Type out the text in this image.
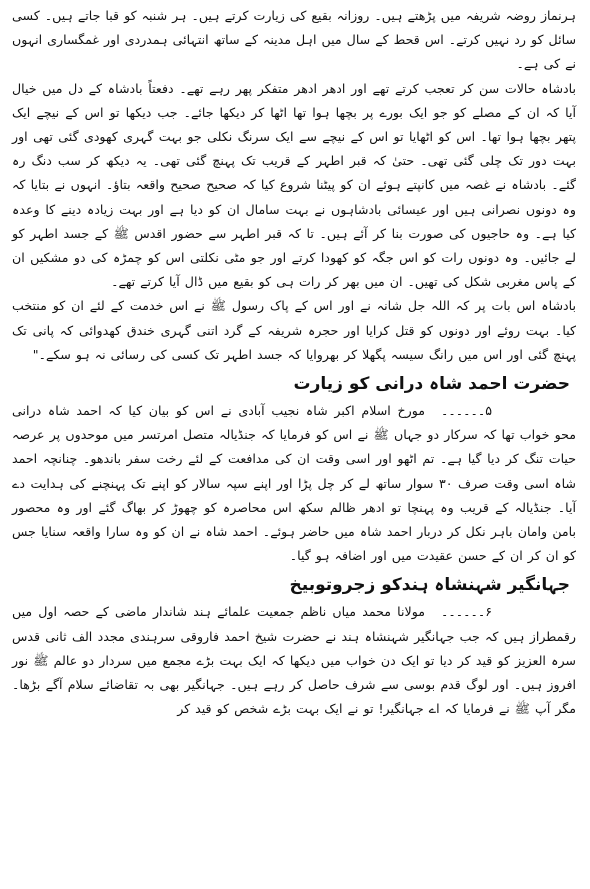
ہرنماز روضہ شریفہ میں پڑھتے ہیں۔ روزانہ بقیع کی زیارت کرتے ہیں۔ ہر شنبہ کو قبا جاتے ہیں۔ کسی سائل کو رد نہیں کرتے۔ اس قحط کے سال میں اہل مدینہ کے ساتھ انتہائی ہمدردی اور غمگساری انہوں نے کی ہے۔

بادشاہ حالات سن کر تعجب کرتے تھے اور ادھر ادھر متفکر پھر رہے تھے۔ دفعتاً بادشاہ کے دل میں خیال آیا کہ ان کے مصلے کو جو ایک بورے پر بچھا ہوا تھا اٹھا کر دیکھا جائے۔ جب دیکھا تو اس کے نیچے ایک پتھر بچھا ہوا تھا۔ اس کو اٹھایا تو اس کے نیچے سے ایک سرنگ نکلی جو بہت گہری کھودی گئی تھی اور بہت دور تک چلی گئی تھی۔ حتیٰ کہ قبر اطہر کے قریب تک پہنچ گئی تھی۔ یہ دیکھ کر سب دنگ رہ گئے۔ بادشاہ نے غصہ میں کانپتے ہوئے ان کو پیٹنا شروع کیا کہ صحیح صحیح واقعہ بتاؤ۔ انہوں نے بتایا کہ وہ دونوں نصرانی ہیں اور عیسائی بادشاہوں نے بہت سامال ان کو دیا ہے اور بہت زیادہ دینے کا وعدہ کیا ہے۔ وہ حاجیوں کی صورت بنا کر آئے ہیں۔ تا کہ قبر اطہر سے حضور اقدس ﷺ کے جسد اطہر کو لے جائیں۔ وہ دونوں رات کو اس جگہ کو کھودا کرتے اور جو مٹی نکلتی اس کو چمڑہ کی دو مشکیں ان کے پاس مغربی شکل کی تھیں۔ ان میں بھر کر رات ہی کو بقیع میں ڈال آیا کرتے تھے۔

بادشاہ اس بات پر کہ اللہ جل شانہ نے اور اس کے پاک رسول ﷺ نے اس خدمت کے لئے ان کو منتخب کیا۔ بہت روئے اور دونوں کو قتل کرایا اور حجرہ شریفہ کے گرد اتنی گہری خندق کھدوائی کہ پانی تک پہنچ گئی اور اس میں رانگ سیسہ پگھلا کر بھروایا کہ جسد اطہر تک کسی کی رسائی نہ ہو سکے۔"

حضرت احمد شاہ درانی کو زیارت

۵۔۔۔۔۔۔مورخ اسلام اکبر شاہ نجیب آبادی نے اس کو بیان کیا کہ احمد شاہ درانی محو خواب تھا کہ سرکار دو جہاں ﷺ نے اس کو فرمایا کہ جنڈیالہ متصل امرتسر میں موحدوں پر عرصہ حیات تنگ کر دیا گیا ہے۔ تم اٹھو اور اسی وقت ان کی مدافعت کے لئے رخت سفر باندھو۔ چنانچہ احمد شاہ اسی وقت صرف ۳۰ سوار ساتھ لے کر چل پڑا اور اپنے سپہ سالار کو اپنے تک پہنچنے کی ہدایت دے آیا۔ جنڈیالہ کے قریب وہ پہنچا تو ادھر ظالم سکھ اس محاصرہ کو چھوڑ کر بھاگ گئے اور وہ محصور بامن وامان باہر نکل کر دربار احمد شاہ میں حاضر ہوئے۔ احمد شاہ نے ان کو وہ سارا واقعہ سنایا جس کو ان کر ان کے حسن عقیدت میں اور اضافہ ہو گیا۔

جہانگیر شہنشاہ ہندکو زجروتوبیخ

۶۔۔۔۔۔۔مولانا محمد میاں ناظم جمعیت علمائے ہند شاندار ماضی کے حصہ اول میں رقمطراز ہیں کہ جب جہانگیر شہنشاہ ہند نے حضرت شیخ احمد فاروقی سرہندی مجدد الف ثانی قدس سرہ العزیز کو قید کر دیا تو ایک دن خواب میں دیکھا کہ ایک بہت بڑے مجمع میں سردار دو عالم ﷺ نور افروز ہیں۔ اور لوگ قدم بوسی سے شرف حاصل کر رہے ہیں۔ جہانگیر بھی بہ تقاضائے سلام آگے بڑھا۔ مگر آپ ﷺ نے فرمایا کہ اے جہانگیر! تو نے ایک بہت بڑے شخص کو قید کر
